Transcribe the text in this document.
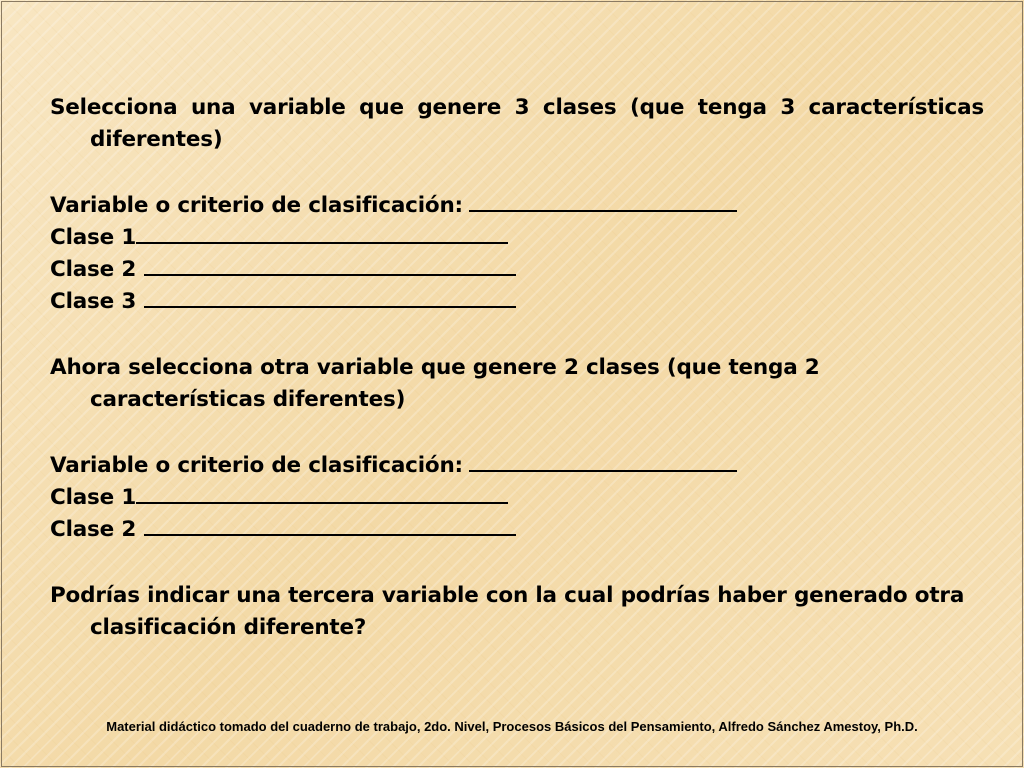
Selecciona una variable que genere 3 clases (que tenga 3 características diferentes)

Variable o criterio de clasificación:
Clase 1
Clase 2
Clase 3

Ahora selecciona otra variable que genere 2 clases (que tenga 2 características diferentes)

Variable o criterio de clasificación:
Clase 1
Clase 2

Podrías indicar una tercera variable con la cual podrías haber generado otra clasificación diferente?

Material didáctico tomado del cuaderno de trabajo, 2do. Nivel, Procesos Básicos del Pensamiento, Alfredo Sánchez Amestoy, Ph.D.
